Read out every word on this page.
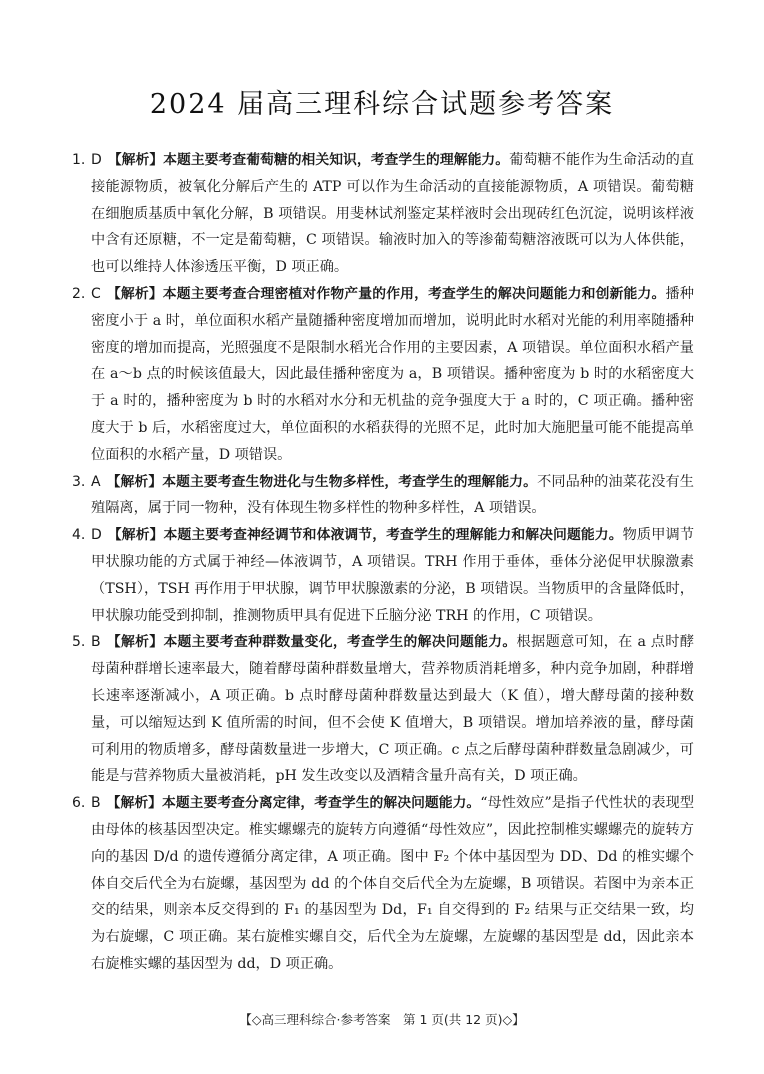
2024 届高三理科综合试题参考答案
1. D 【解析】本题主要考查葡萄糖的相关知识，考查学生的理解能力。葡萄糖不能作为生命活动的直接能源物质，被氧化分解后产生的 ATP 可以作为生命活动的直接能源物质，A 项错误。葡萄糖在细胞质基质中氧化分解，B 项错误。用斐林试剂鉴定某样液时会出现砖红色沉淀，说明该样液中含有还原糖，不一定是葡萄糖，C 项错误。输液时加入的等渗葡萄糖溶液既可以为人体供能，也可以维持人体渗透压平衡，D 项正确。
2. C 【解析】本题主要考查合理密植对作物产量的作用，考查学生的解决问题能力和创新能力。播种密度小于 a 时，单位面积水稻产量随播种密度增加而增加，说明此时水稻对光能的利用率随播种密度的增加而提高，光照强度不是限制水稻光合作用的主要因素，A 项错误。单位面积水稻产量在 a～b 点的时候该值最大，因此最佳播种密度为 a，B 项错误。播种密度为 b 时的水稻密度大于 a 时的，播种密度为 b 时的水稻对水分和无机盐的竞争强度大于 a 时的，C 项正确。播种密度大于 b 后，水稻密度过大，单位面积的水稻获得的光照不足，此时加大施肥量可能不能提高单位面积的水稻产量，D 项错误。
3. A 【解析】本题主要考查生物进化与生物多样性，考查学生的理解能力。不同品种的油菜花没有生殖隔离，属于同一物种，没有体现生物多样性的物种多样性，A 项错误。
4. D 【解析】本题主要考查神经调节和体液调节，考查学生的理解能力和解决问题能力。物质甲调节甲状腺功能的方式属于神经—体液调节，A 项错误。TRH 作用于垂体，垂体分泌促甲状腺激素（TSH），TSH 再作用于甲状腺，调节甲状腺激素的分泌，B 项错误。当物质甲的含量降低时，甲状腺功能受到抑制，推测物质甲具有促进下丘脑分泌 TRH 的作用，C 项错误。
5. B 【解析】本题主要考查种群数量变化，考查学生的解决问题能力。根据题意可知，在 a 点时酵母菌种群增长速率最大，随着酵母菌种群数量增大，营养物质消耗增多，种内竞争加剧，种群增长速率逐渐减小，A 项正确。b 点时酵母菌种群数量达到最大（K 值），增大酵母菌的接种数量，可以缩短达到 K 值所需的时间，但不会使 K 值增大，B 项错误。增加培养液的量，酵母菌可利用的物质增多，酵母菌数量进一步增大，C 项正确。c 点之后酵母菌种群数量急剧减少，可能是与营养物质大量被消耗，pH 发生改变以及酒精含量升高有关，D 项正确。
6. B 【解析】本题主要考查分离定律，考查学生的解决问题能力。“母性效应”是指子代性状的表现型由母体的核基因型决定。椎实螺螺壳的旋转方向遵循“母性效应”，因此控制椎实螺螺壳的旋转方向的基因 D/d 的遗传遵循分离定律，A 项正确。图中 F₂ 个体中基因型为 DD、Dd 的椎实螺个体自交后代全为右旋螺，基因型为 dd 的个体自交后代全为左旋螺，B 项错误。若图中为亲本正交的结果，则亲本反交得到的 F₁ 的基因型为 Dd，F₁ 自交得到的 F₂ 结果与正交结果一致，均为右旋螺，C 项正确。某右旋椎实螺自交，后代全为左旋螺，左旋螺的基因型是 dd，因此亲本右旋椎实螺的基因型为 dd，D 项正确。
【◇高三理科综合·参考答案　第 1 页(共 12 页)◇】
